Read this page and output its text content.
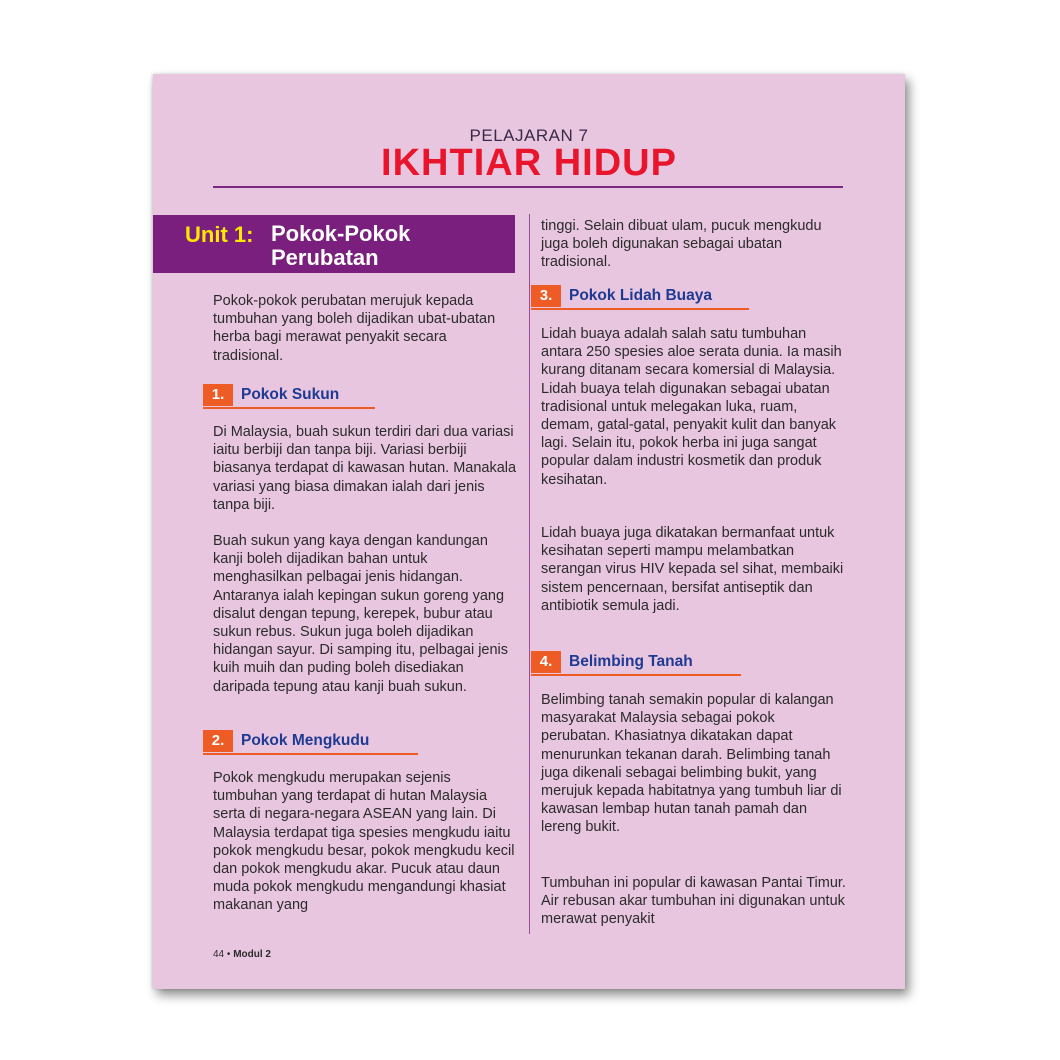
PELAJARAN 7
IKHTIAR HIDUP
Unit 1: Pokok-Pokok
Perubatan

Pokok-pokok perubatan merujuk kepada tumbuhan yang boleh dijadikan ubat-ubatan herba bagi merawat penyakit secara tradisional.

1.	Pokok Sukun

Di Malaysia, buah sukun terdiri dari dua variasi iaitu berbiji dan tanpa biji. Variasi berbiji biasanya terdapat di kawasan hutan. Manakala variasi yang biasa dimakan ialah dari jenis tanpa biji.

Buah sukun yang kaya dengan kandungan kanji boleh dijadikan bahan untuk menghasilkan pelbagai jenis hidangan. Antaranya ialah kepingan sukun goreng yang disalut dengan tepung, kerepek, bubur atau sukun rebus. Sukun juga boleh dijadikan hidangan sayur. Di samping itu, pelbagai jenis kuih muih dan puding boleh disediakan daripada tepung atau kanji buah sukun.

2.	Pokok Mengkudu

Pokok mengkudu merupakan sejenis tumbuhan yang terdapat di hutan Malaysia serta di negara-negara ASEAN yang lain. Di Malaysia terdapat tiga spesies mengkudu iaitu pokok mengkudu besar, pokok mengkudu kecil dan pokok mengkudu akar. Pucuk atau daun muda pokok mengkudu mengandungi khasiat makanan yang

tinggi. Selain dibuat ulam, pucuk mengkudu juga boleh digunakan sebagai ubatan tradisional.

3.	Pokok Lidah Buaya

Lidah buaya adalah salah satu tumbuhan antara 250 spesies aloe serata dunia. Ia masih kurang ditanam secara komersial di Malaysia. Lidah buaya telah digunakan sebagai ubatan tradisional untuk melegakan luka, ruam, demam, gatal-gatal, penyakit kulit dan banyak lagi. Selain itu, pokok herba ini juga sangat popular dalam industri kosmetik dan produk kesihatan.

Lidah buaya juga dikatakan bermanfaat untuk kesihatan seperti mampu melambatkan serangan virus HIV kepada sel sihat, membaiki sistem pencernaan, bersifat antiseptik dan antibiotik semula jadi.

4.	Belimbing Tanah

Belimbing tanah semakin popular di kalangan masyarakat Malaysia sebagai pokok perubatan. Khasiatnya dikatakan dapat menurunkan tekanan darah. Belimbing tanah juga dikenali sebagai belimbing bukit, yang merujuk kepada habitatnya yang tumbuh liar di kawasan lembap hutan tanah pamah dan lereng bukit.

Tumbuhan ini popular di kawasan Pantai Timur. Air rebusan akar tumbuhan ini digunakan untuk merawat penyakit

44 • Modul 2
